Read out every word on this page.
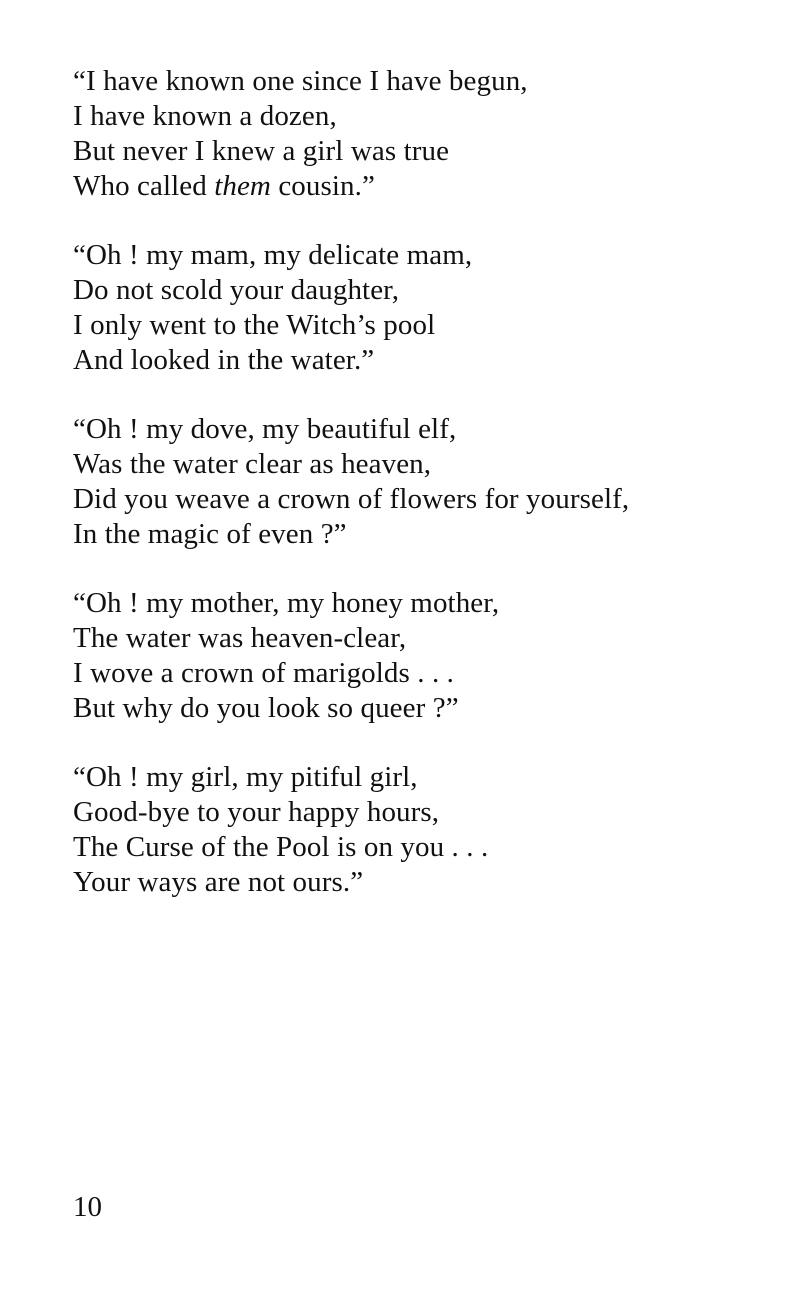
“I have known one since I have begun,
I have known a dozen,
But never I knew a girl was true
Who called them cousin.”
“Oh ! my mam, my delicate mam,
Do not scold your daughter,
I only went to the Witch’s pool
And looked in the water.”
“Oh ! my dove, my beautiful elf,
Was the water clear as heaven,
Did you weave a crown of flowers for yourself,
In the magic of even ?”
“Oh ! my mother, my honey mother,
The water was heaven-clear,
I wove a crown of marigolds . . .
But why do you look so queer ?”
“Oh ! my girl, my pitiful girl,
Good-bye to your happy hours,
The Curse of the Pool is on you . . .
Your ways are not ours.”
10
